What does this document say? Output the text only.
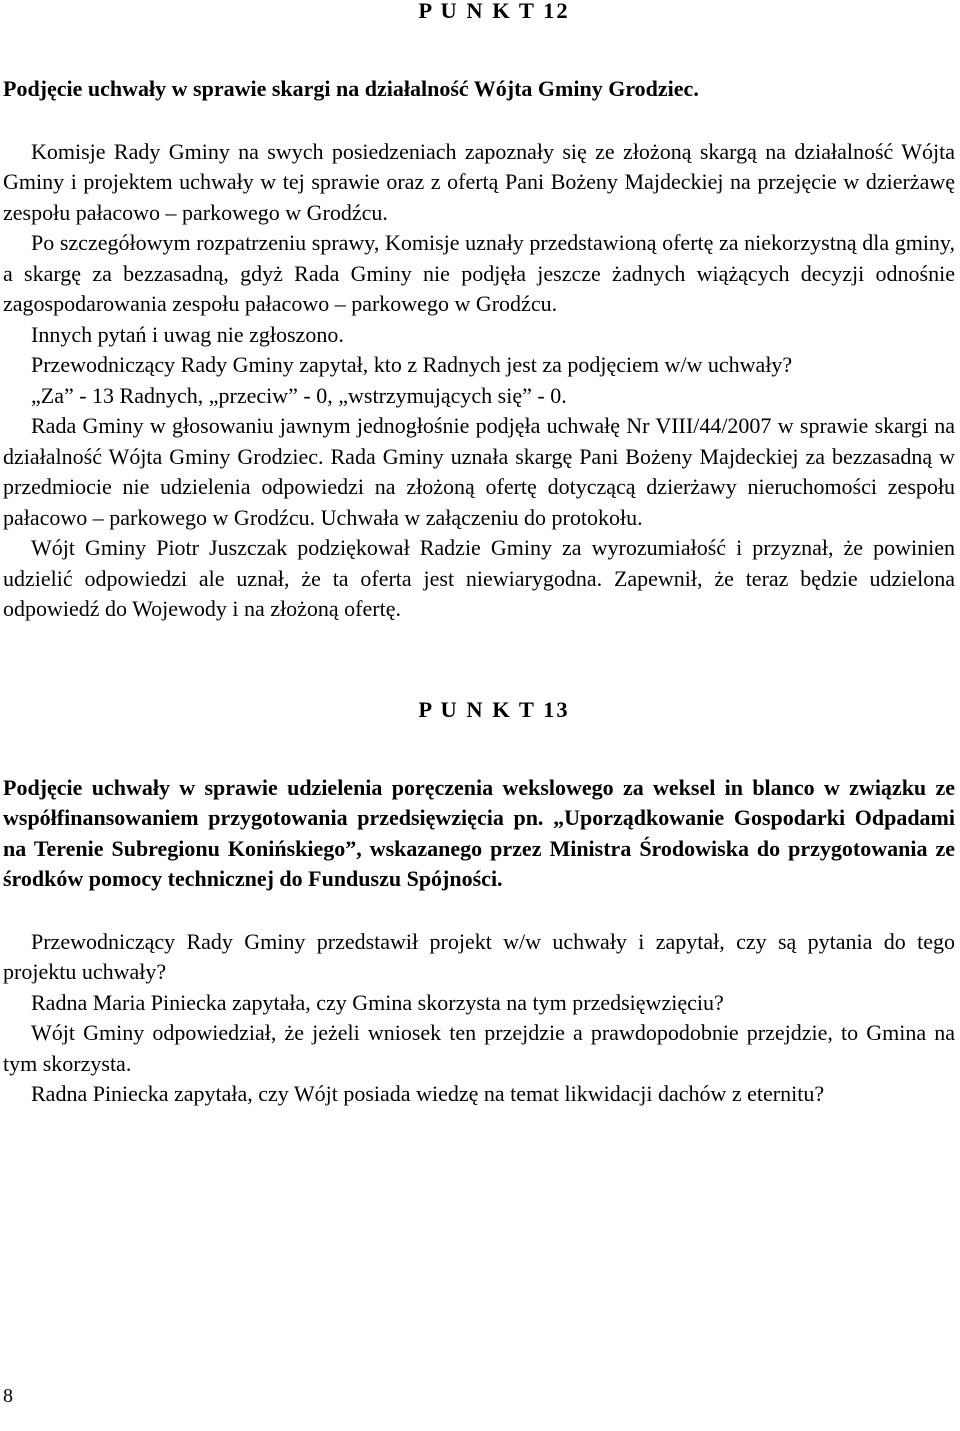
P U N K T 12

Podjęcie uchwały w sprawie skargi na działalność Wójta Gminy Grodziec.

Komisje Rady Gminy na swych posiedzeniach zapoznały się ze złożoną skargą na działalność Wójta Gminy i projektem uchwały w tej sprawie oraz z ofertą Pani Bożeny Majdeckiej na przejęcie w dzierżawę zespołu pałacowo – parkowego w Grodźcu.

Po szczegółowym rozpatrzeniu sprawy, Komisje uznały przedstawioną ofertę za niekorzystną dla gminy, a skargę za bezzasadną, gdyż Rada Gminy nie podjęła jeszcze żadnych wiążących decyzji odnośnie zagospodarowania zespołu pałacowo – parkowego w Grodźcu.

Innych pytań i uwag nie zgłoszono.

Przewodniczący Rady Gminy zapytał, kto z Radnych jest za podjęciem w/w uchwały?

„Za” - 13 Radnych, „przeciw” - 0, „wstrzymujących się” - 0.

Rada Gminy w głosowaniu jawnym jednogłośnie podjęła uchwałę Nr VIII/44/2007 w sprawie skargi na działalność Wójta Gminy Grodziec. Rada Gminy uznała skargę Pani Bożeny Majdeckiej za bezzasadną w przedmiocie nie udzielenia odpowiedzi na złożoną ofertę dotyczącą dzierżawy nieruchomości zespołu pałacowo – parkowego w Grodźcu. Uchwała w załączeniu do protokołu.

Wójt Gminy Piotr Juszczak podziękował Radzie Gminy za wyrozumiałość i przyznał, że powinien udzielić odpowiedzi ale uznał, że ta oferta jest niewiarygodna. Zapewnił, że teraz będzie udzielona odpowiedź do Wojewody i na złożoną ofertę.

P U N K T 13

Podjęcie uchwały w sprawie udzielenia poręczenia wekslowego za weksel in blanco w związku ze współfinansowaniem przygotowania przedsięwzięcia pn. „Uporządkowanie Gospodarki Odpadami na Terenie Subregionu Konińskiego”, wskazanego przez Ministra Środowiska do przygotowania ze środków pomocy technicznej do Funduszu Spójności.

Przewodniczący Rady Gminy przedstawił projekt w/w uchwały i zapytał, czy są pytania do tego projektu uchwały?

Radna Maria Piniecka zapytała, czy Gmina skorzysta na tym przedsięwzięciu?

Wójt Gminy odpowiedział, że jeżeli wniosek ten przejdzie a prawdopodobnie przejdzie, to Gmina na tym skorzysta.

Radna Piniecka zapytała, czy Wójt posiada wiedzę na temat likwidacji dachów z eternitu?

8
